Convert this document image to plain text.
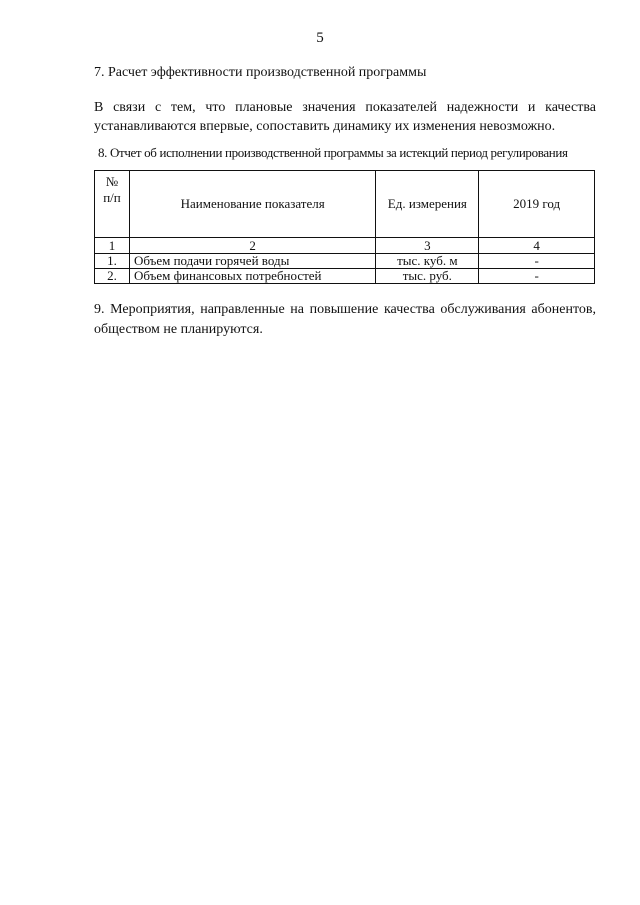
5
7. Расчет эффективности производственной программы
В связи с тем, что плановые значения показателей надежности и качества устанавливаются впервые, сопоставить динамику их изменения невозможно.
8. Отчет об исполнении производственной программы за истекций период регулирования
№
п/п	Наименование показателя	Ед. измерения	2019 год
1	2	3	4
1.	Объем подачи горячей воды	тыс. куб. м	-
2.	Объем финансовых потребностей	тыс. руб.	-
9. Мероприятия, направленные на повышение качества обслуживания абонентов, обществом не планируются.
